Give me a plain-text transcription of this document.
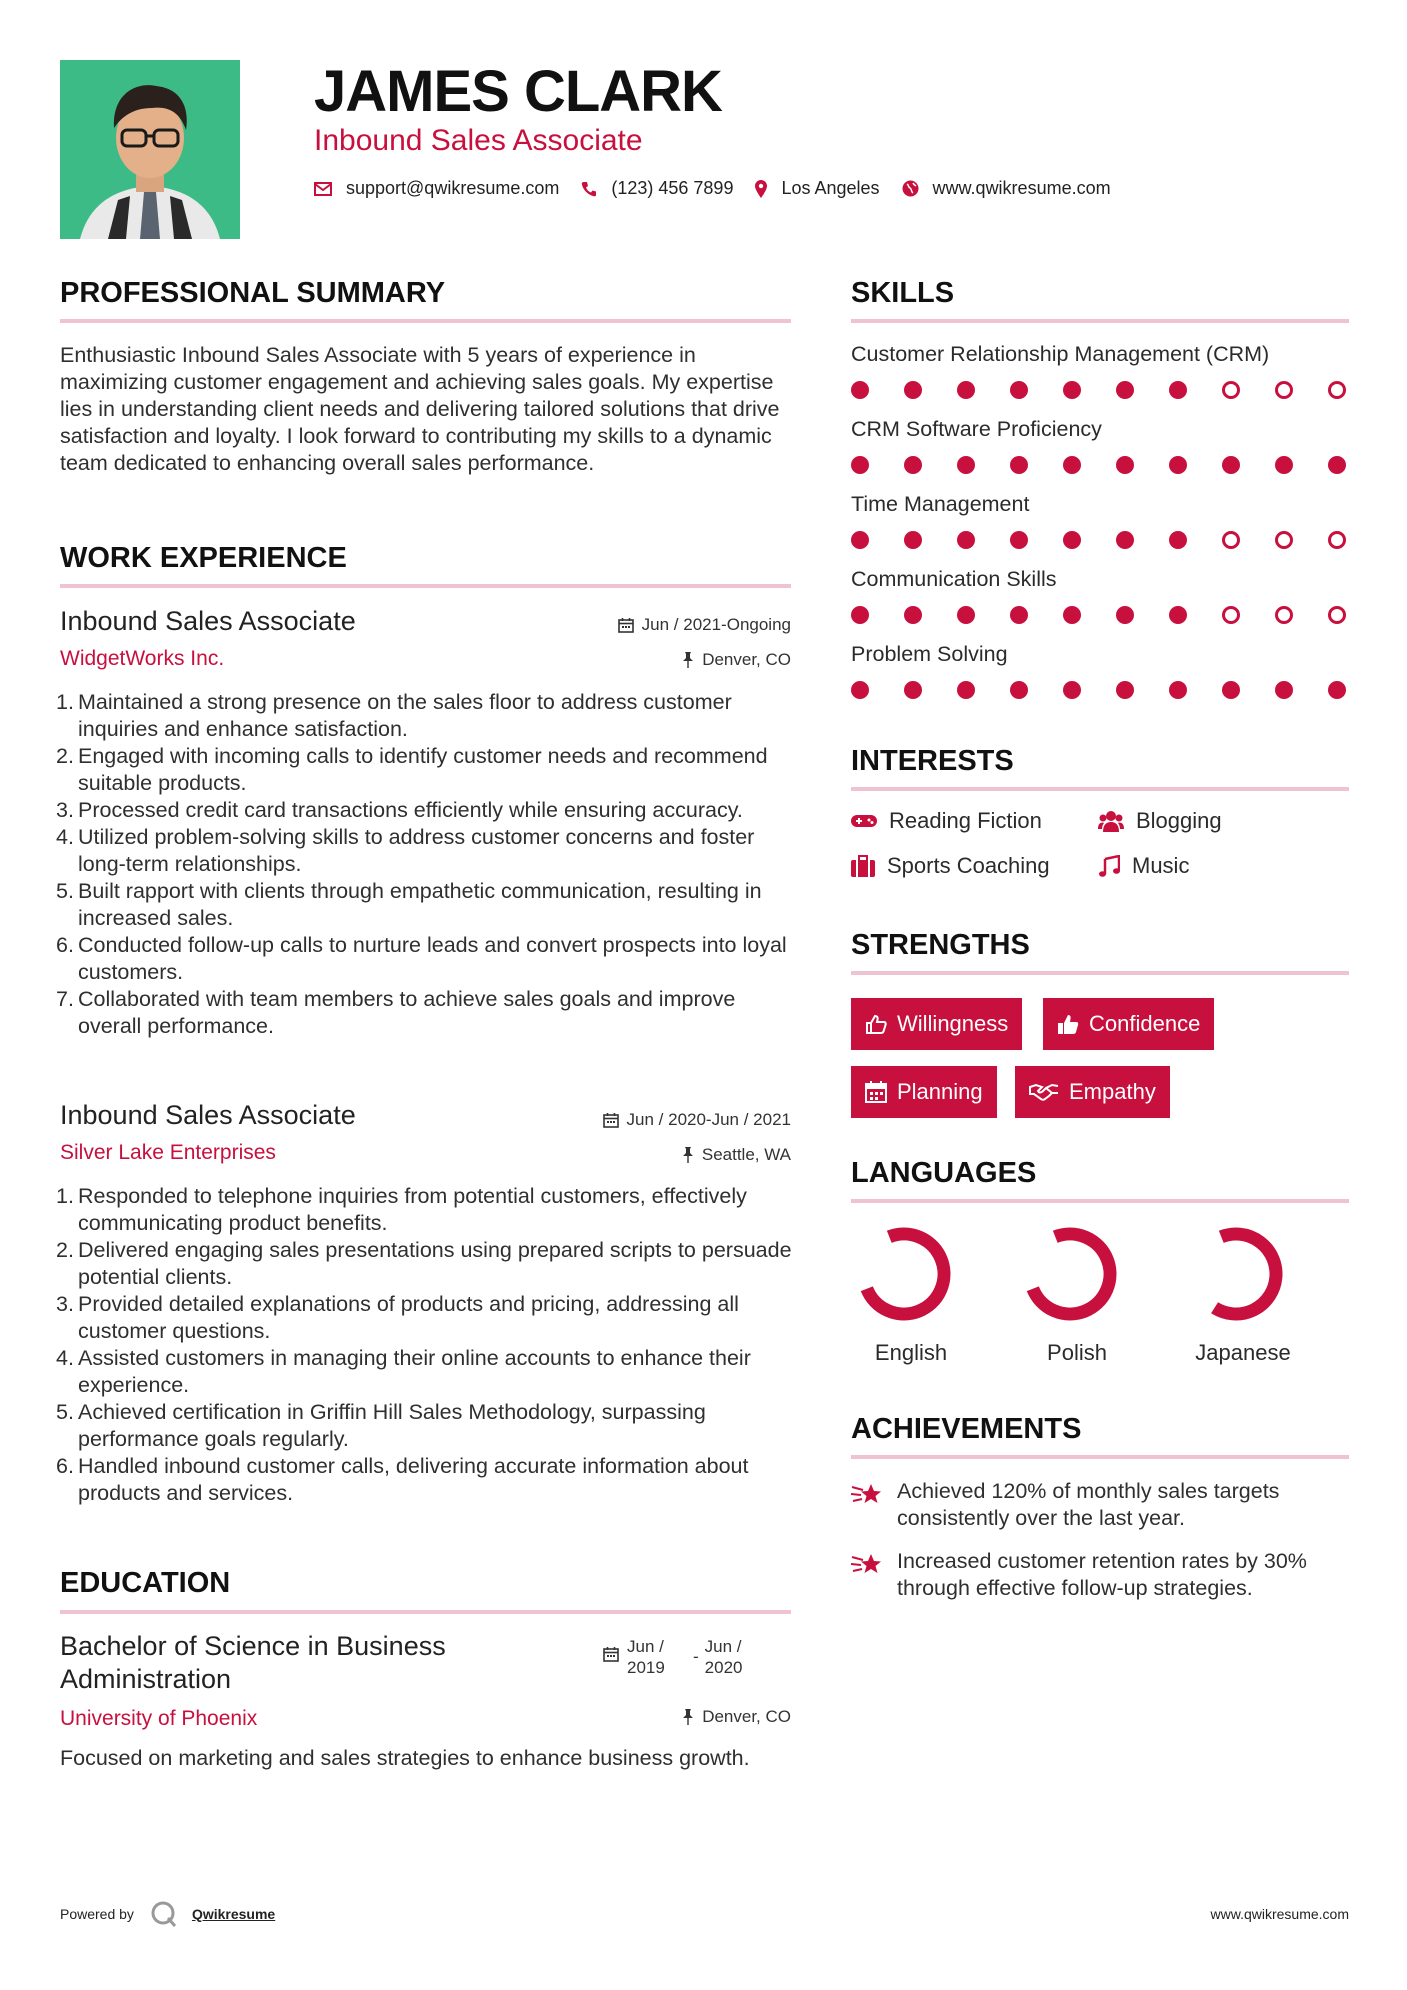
JAMES CLARK
Inbound Sales Associate
support@qwikresume.com	(123) 456 7899	Los Angeles	www.qwikresume.com
PROFESSIONAL SUMMARY
Enthusiastic Inbound Sales Associate with 5 years of experience in maximizing customer engagement and achieving sales goals. My expertise lies in understanding client needs and delivering tailored solutions that drive satisfaction and loyalty. I look forward to contributing my skills to a dynamic team dedicated to enhancing overall sales performance.
WORK EXPERIENCE
Inbound Sales Associate	Jun / 2021-Ongoing
WidgetWorks Inc.	Denver, CO
Maintained a strong presence on the sales floor to address customer inquiries and enhance satisfaction.
Engaged with incoming calls to identify customer needs and recommend suitable products.
Processed credit card transactions efficiently while ensuring accuracy.
Utilized problem-solving skills to address customer concerns and foster long-term relationships.
Built rapport with clients through empathetic communication, resulting in increased sales.
Conducted follow-up calls to nurture leads and convert prospects into loyal customers.
Collaborated with team members to achieve sales goals and improve overall performance.
Inbound Sales Associate	Jun / 2020-Jun / 2021
Silver Lake Enterprises	Seattle, WA
Responded to telephone inquiries from potential customers, effectively communicating product benefits.
Delivered engaging sales presentations using prepared scripts to persuade potential clients.
Provided detailed explanations of products and pricing, addressing all customer questions.
Assisted customers in managing their online accounts to enhance their experience.
Achieved certification in Griffin Hill Sales Methodology, surpassing performance goals regularly.
Handled inbound customer calls, delivering accurate information about products and services.
EDUCATION
Bachelor of Science in Business Administration
Jun / 2019
-
Jun / 2020
University of Phoenix	Denver, CO
Focused on marketing and sales strategies to enhance business growth.
SKILLS
Customer Relationship Management (CRM)
CRM Software Proficiency
Time Management
Communication Skills
Problem Solving
INTERESTS
Reading Fiction	Blogging
Sports Coaching	Music
STRENGTHS
Willingness	Confidence
Planning	Empathy
LANGUAGES
English	Polish	Japanese
ACHIEVEMENTS
Achieved 120% of monthly sales targets consistently over the last year.
Increased customer retention rates by 30% through effective follow-up strategies.
Powered by	Qwikresume	www.qwikresume.com
